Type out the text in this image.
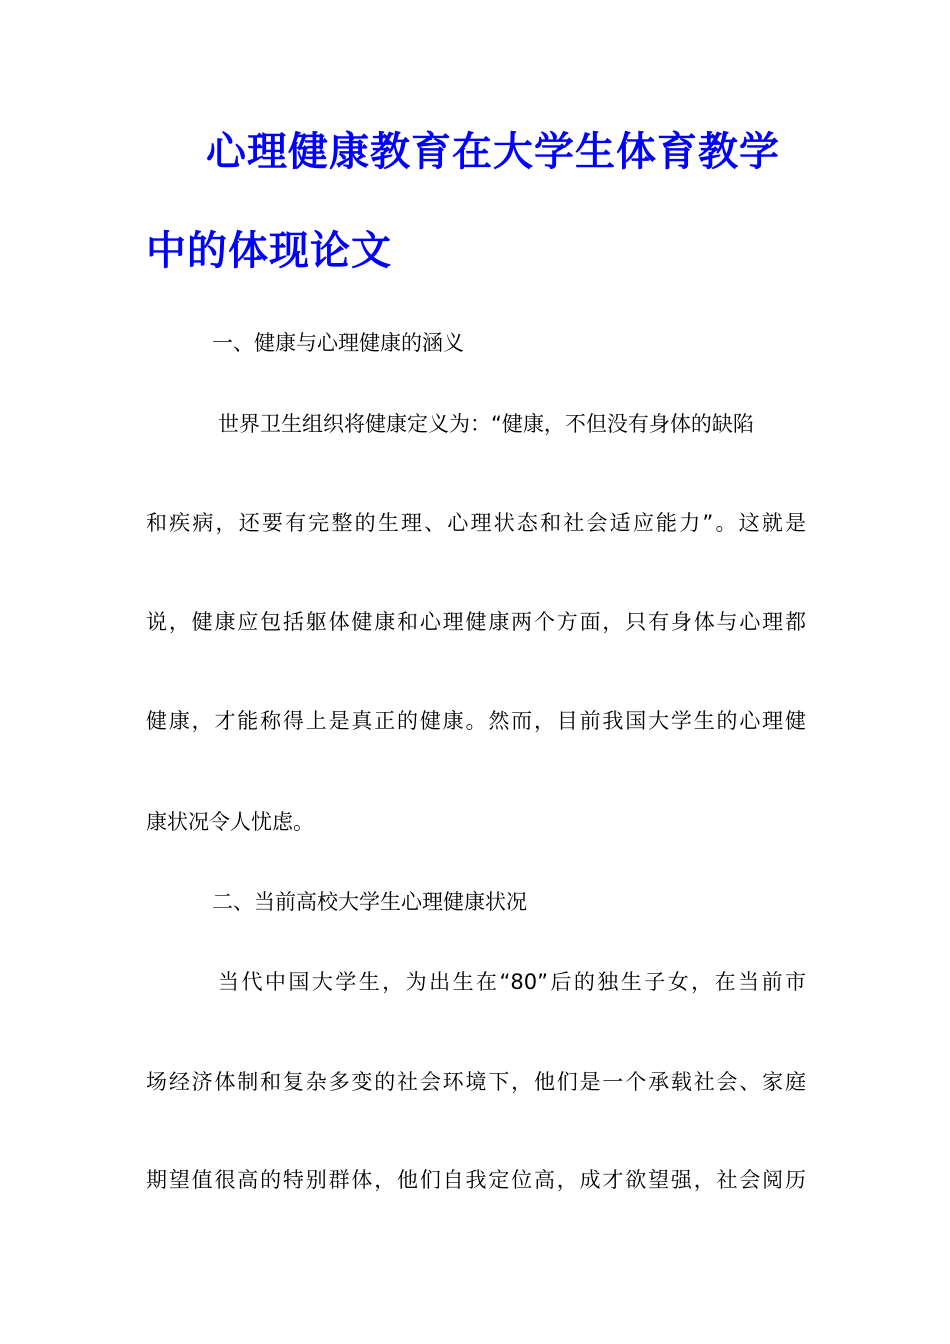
心理健康教育在大学生体育教学
中的体现论文
一、健康与心理健康的涵义
世界卫生组织将健康定义为：“健康，不但没有身体的缺陷
和疾病，还要有完整的生理、心理状态和社会适应能力”。这就是
说，健康应包括躯体健康和心理健康两个方面，只有身体与心理都
健康，才能称得上是真正的健康。然而，目前我国大学生的心理健
康状况令人忧虑。
二、当前高校大学生心理健康状况
当代中国大学生，为出生在“80”后的独生子女，在当前市
场经济体制和复杂多变的社会环境下，他们是一个承载社会、家庭
期望值很高的特别群体，他们自我定位高，成才欲望强，社会阅历
